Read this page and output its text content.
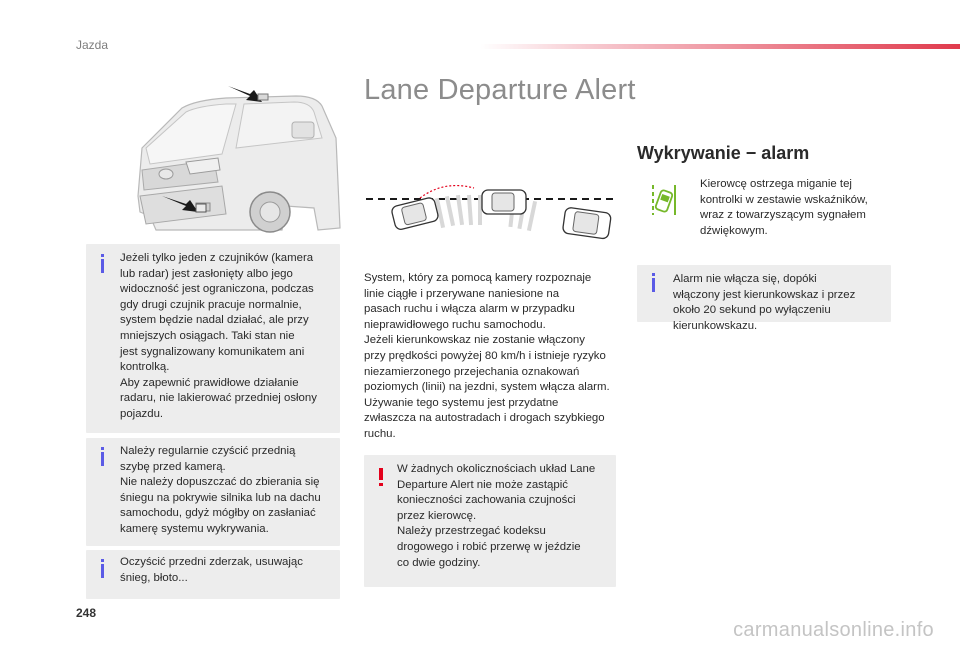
Jazda
Jeżeli tylko jeden z czujników (kamera
lub radar) jest zasłonięty albo jego
widoczność jest ograniczona, podczas
gdy drugi czujnik pracuje normalnie,
system będzie nadal działać, ale przy
mniejszych osiągach. Taki stan nie
jest sygnalizowany komunikatem ani
kontrolką.
Aby zapewnić prawidłowe działanie
radaru, nie lakierować przedniej osłony
pojazdu.
Należy regularnie czyścić przednią
szybę przed kamerą.
Nie należy dopuszczać do zbierania się
śniegu na pokrywie silnika lub na dachu
samochodu, gdyż mógłby on zasłaniać
kamerę systemu wykrywania.
Oczyścić przedni zderzak, usuwając
śnieg, błoto...
Lane Departure Alert
System, który za pomocą kamery rozpoznaje
linie ciągłe i przerywane naniesione na
pasach ruchu i włącza alarm w przypadku
nieprawidłowego ruchu samochodu.
Jeżeli kierunkowskaz nie zostanie włączony
przy prędkości powyżej 80 km/h i istnieje ryzyko
niezamierzonego przejechania oznakowań
poziomych (linii) na jezdni, system włącza alarm.
Używanie tego systemu jest przydatne
zwłaszcza na autostradach i drogach szybkiego
ruchu.
W żadnych okolicznościach układ Lane
Departure Alert nie może zastąpić
konieczności zachowania czujności
przez kierowcę.
Należy przestrzegać kodeksu
drogowego i robić przerwę w jeździe
co dwie godziny.
Wykrywanie − alarm
Kierowcę ostrzega miganie tej
kontrolki w zestawie wskaźników,
wraz z towarzyszącym sygnałem
dźwiękowym.
Alarm nie włącza się, dopóki
włączony jest kierunkowskaz i przez
około 20 sekund po wyłączeniu
kierunkowskazu.
248
carmanualsonline.info
